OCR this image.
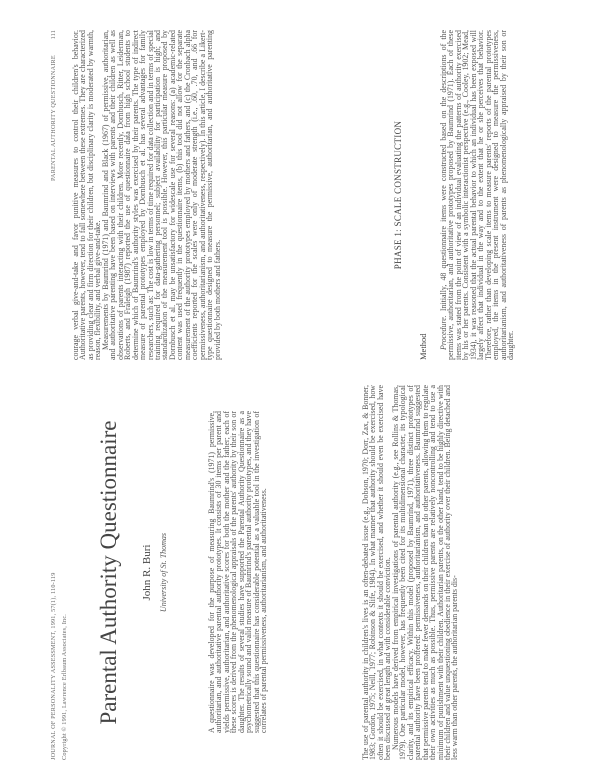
JOURNAL OF PERSONALITY ASSESSMENT, 1991, 57(1), 110-119 Copyright © 1991, Lawrence Erlbaum Associates, Inc. Parental Authority Questionnaire John R. Buri University of St. Thomas	A questionnaire was developed for the purpose of measuring Baumrind's (1971) permissive, authoritarian, and authoritative parental authority prototypes. It consists of 30 items per parent and yields permissive, authoritarian, and authoritative scores for both the mother and the father; each of these scores is derived from the phenomenological appraisals of the parents' authority by their son or daughter. The results of several studies have supported the Parental Authority Questionnaire as a psychometrically sound and valid measure of Baumrind's parental authority prototypes, and they have suggested that this questionnaire has considerable potential as a valuable tool in the investigation of correlates of parental permissiveness, authoritarianism, and authoritativeness.	The use of parental authority in children's lives is an often-debated issue (e.g., Dobson, 1970; Dorr, Zax, & Bonner, 1983; Gordon, 1975; Neill, 1977; Robinson & Slife, 1984). In what manner that authority should be exercised, how often it should be exercised, in what contexts it should be exercised, and whether it should even be exercised have been discussed at great length and with considerable conviction.

Numerous models have derived from empirical investigations of parental authority (e.g., see Rollins & Thomas, 1979). One particular model, however, has frequently been cited for its multidimensional character, its typological clarity, and its empirical efficacy. Within this model (proposed by Baumrind, 1971), three distinct prototypes of parental authority have been proffered: permissiveness, authoritarianism, and authoritativeness. Baumrind suggested that permissive parents tend to make fewer demands on their children than do other parents, allowing them to regulate their own activities as much as possible. Thus, permissive parents are relatively noncontrolling and tend to use a minimum of punishment with their children. Authoritarian parents, on the other hand, tend to be highly directive with their children and value unquestioning obedience in their exercise of authority over their children. Being detached and less warm than other parents, the authoritarian parents dis-

PARENTAL AUTHORITY QUESTIONNAIRE 111 courage verbal give-and-take and favor punitive measures to control their children's behavior. Authoritative parents, however, tend to fall somewhere between these extremes. They are characterized as providing clear and firm direction for their children, but disciplinary clarity is moderated by warmth, reason, flexibility, and verbal give-and-take.

Measurements by Baumrind (1971) and Baumrind and Black (1967) of permissive, authoritarian, and authoritative parenting have been based on interviews with parents and their children as well as observations of parents interacting with their children. More recently, Dornbusch, Ritter, Leiderman, Roberts, and Fraleigh (1987) reported the use of questionnaire data from high school students to determine which of Baumrind's authority styles was exercised by their parents. The type of indirect measure of parental prototypes employed by Dornbusch et al. has several advantages for family researchers, such as: The cost is low in terms of time required for data collection and in terms of special training required for data-gathering personnel; subject availability for participation is high; and standardization of the measurement tool is possible. However, this particular measure proposed by Dornbusch et al. may be unsatisfactory for widescale use for several reasons: (a) academic-related content was used frequently in the questionnaire items, (b) this tool did not allow for the separate measurement of the authority prototypes employed by mothers and fathers, and (c) the Cronbach alpha coefficients reported for the scales were only of moderate strength (i.e., .60, .70, and .66 for permissiveness, authoritarianism, and authoritativeness, respectively). In this article, I describe a Likert-type questionnaire designed to measure the permissive, authoritarian, and authoritative parenting provided by both mothers and fathers.

PHASE 1: SCALE CONSTRUCTION
Method Procedure. Initially, 48 questionnaire items were constructed based on the descriptions of the permissive, authoritarian, and authoritative prototypes proposed by Baumrind (1971). Each of these items was stated from the point of view of an individual evaluating the patterns of authority exercised by his or her parents. Consistent with a symbolic interactionist perspective (e.g., Cooley, 1902; Mead, 1934), it was reasoned that the actual parental behavior to which an individual has been exposed will largely affect that individual in the way and to the extent that he or she perceives that behavior. Therefore, rather than developing scale items to measure parents' reports of the parental prototypes employed, the items in the present instrument were designed to measure the permissiveness, authoritarianism, and authoritativeness of parents as phenomenologically appraised by their son or daughter.
